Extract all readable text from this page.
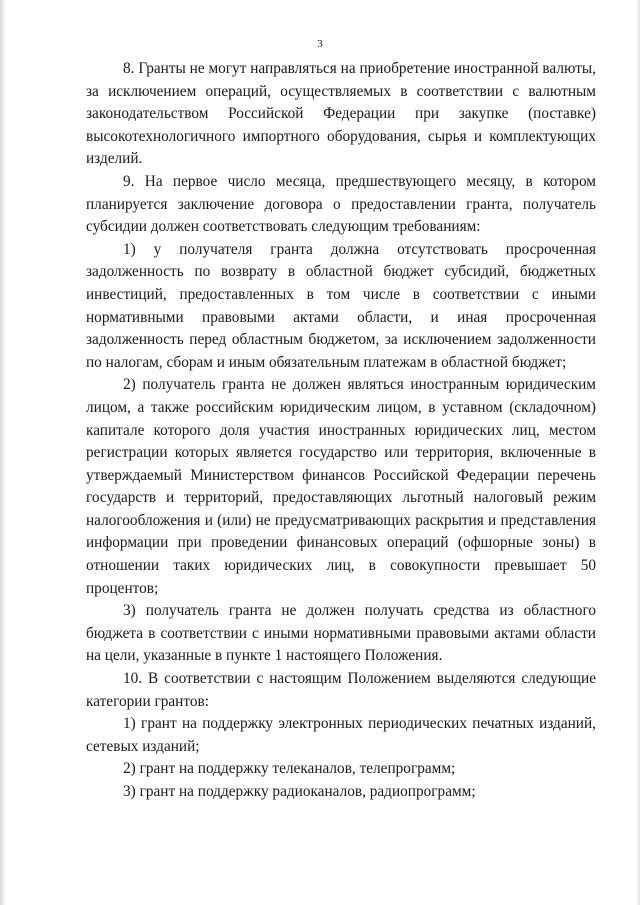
3

8. Гранты не могут направляться на приобретение иностранной валюты, за исключением операций, осуществляемых в соответствии с валютным законодательством Российской Федерации при закупке (поставке) высокотехнологичного импортного оборудования, сырья и комплектующих изделий.

9. На первое число месяца, предшествующего месяцу, в котором планируется заключение договора о предоставлении гранта, получатель субсидии должен соответствовать следующим требованиям:

1) у получателя гранта должна отсутствовать просроченная задолженность по возврату в областной бюджет субсидий, бюджетных инвестиций, предоставленных в том числе в соответствии с иными нормативными правовыми актами области, и иная просроченная задолженность перед областным бюджетом, за исключением задолженности по налогам, сборам и иным обязательным платежам в областной бюджет;

2) получатель гранта не должен являться иностранным юридическим лицом, а также российским юридическим лицом, в уставном (складочном) капитале которого доля участия иностранных юридических лиц, местом регистрации которых является государство или территория, включенные в утверждаемый Министерством финансов Российской Федерации перечень государств и территорий, предоставляющих льготный налоговый режим налогообложения и (или) не предусматривающих раскрытия и представления информации при проведении финансовых операций (офшорные зоны) в отношении таких юридических лиц, в совокупности превышает 50 процентов;

3) получатель гранта не должен получать средства из областного бюджета в соответствии с иными нормативными правовыми актами области на цели, указанные в пункте 1 настоящего Положения.

10. В соответствии с настоящим Положением выделяются следующие категории грантов:

1) грант на поддержку электронных периодических печатных изданий, сетевых изданий;

2) грант на поддержку телеканалов, телепрограмм;

3) грант на поддержку радиоканалов, радиопрограмм;
